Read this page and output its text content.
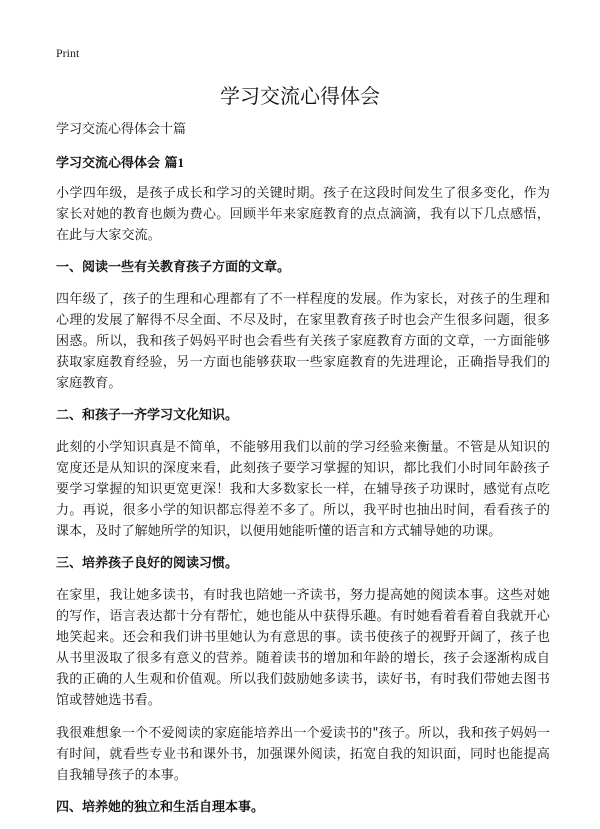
Print
学习交流心得体会

学习交流心得体会十篇

学习交流心得体会 篇1

小学四年级，是孩子成长和学习的关键时期。孩子在这段时间发生了很多变化，作为家长对她的教育也颇为费心。回顾半年来家庭教育的点点滴滴，我有以下几点感悟，在此与大家交流。

一、阅读一些有关教育孩子方面的文章。

四年级了，孩子的生理和心理都有了不一样程度的发展。作为家长，对孩子的生理和心理的发展了解得不尽全面、不尽及时，在家里教育孩子时也会产生很多问题，很多困惑。所以，我和孩子妈妈平时也会看些有关孩子家庭教育方面的文章，一方面能够获取家庭教育经验，另一方面也能够获取一些家庭教育的先进理论，正确指导我们的家庭教育。

二、和孩子一齐学习文化知识。

此刻的小学知识真是不简单，不能够用我们以前的学习经验来衡量。不管是从知识的宽度还是从知识的深度来看，此刻孩子要学习掌握的知识，都比我们小时同年龄孩子要学习掌握的知识更宽更深！我和大多数家长一样，在辅导孩子功课时，感觉有点吃力。再说，很多小学的知识都忘得差不多了。所以，我平时也抽出时间，看看孩子的课本，及时了解她所学的知识，以便用她能听懂的语言和方式辅导她的功课。

三、培养孩子良好的阅读习惯。

在家里，我让她多读书，有时我也陪她一齐读书，努力提高她的阅读本事。这些对她的写作，语言表达都十分有帮忙，她也能从中获得乐趣。有时她看着看着自我就开心地笑起来。还会和我们讲书里她认为有意思的事。读书使孩子的视野开阔了，孩子也从书里汲取了很多有意义的营养。随着读书的增加和年龄的增长，孩子会逐渐构成自我的正确的人生观和价值观。所以我们鼓励她多读书，读好书，有时我们带她去图书馆或替她选书看。

我很难想象一个不爱阅读的家庭能培养出一个爱读书的"孩子。所以，我和孩子妈妈一有时间，就看些专业书和课外书，加强课外阅读，拓宽自我的知识面，同时也能提高自我辅导孩子的本事。

四、培养她的独立和生活自理本事。
